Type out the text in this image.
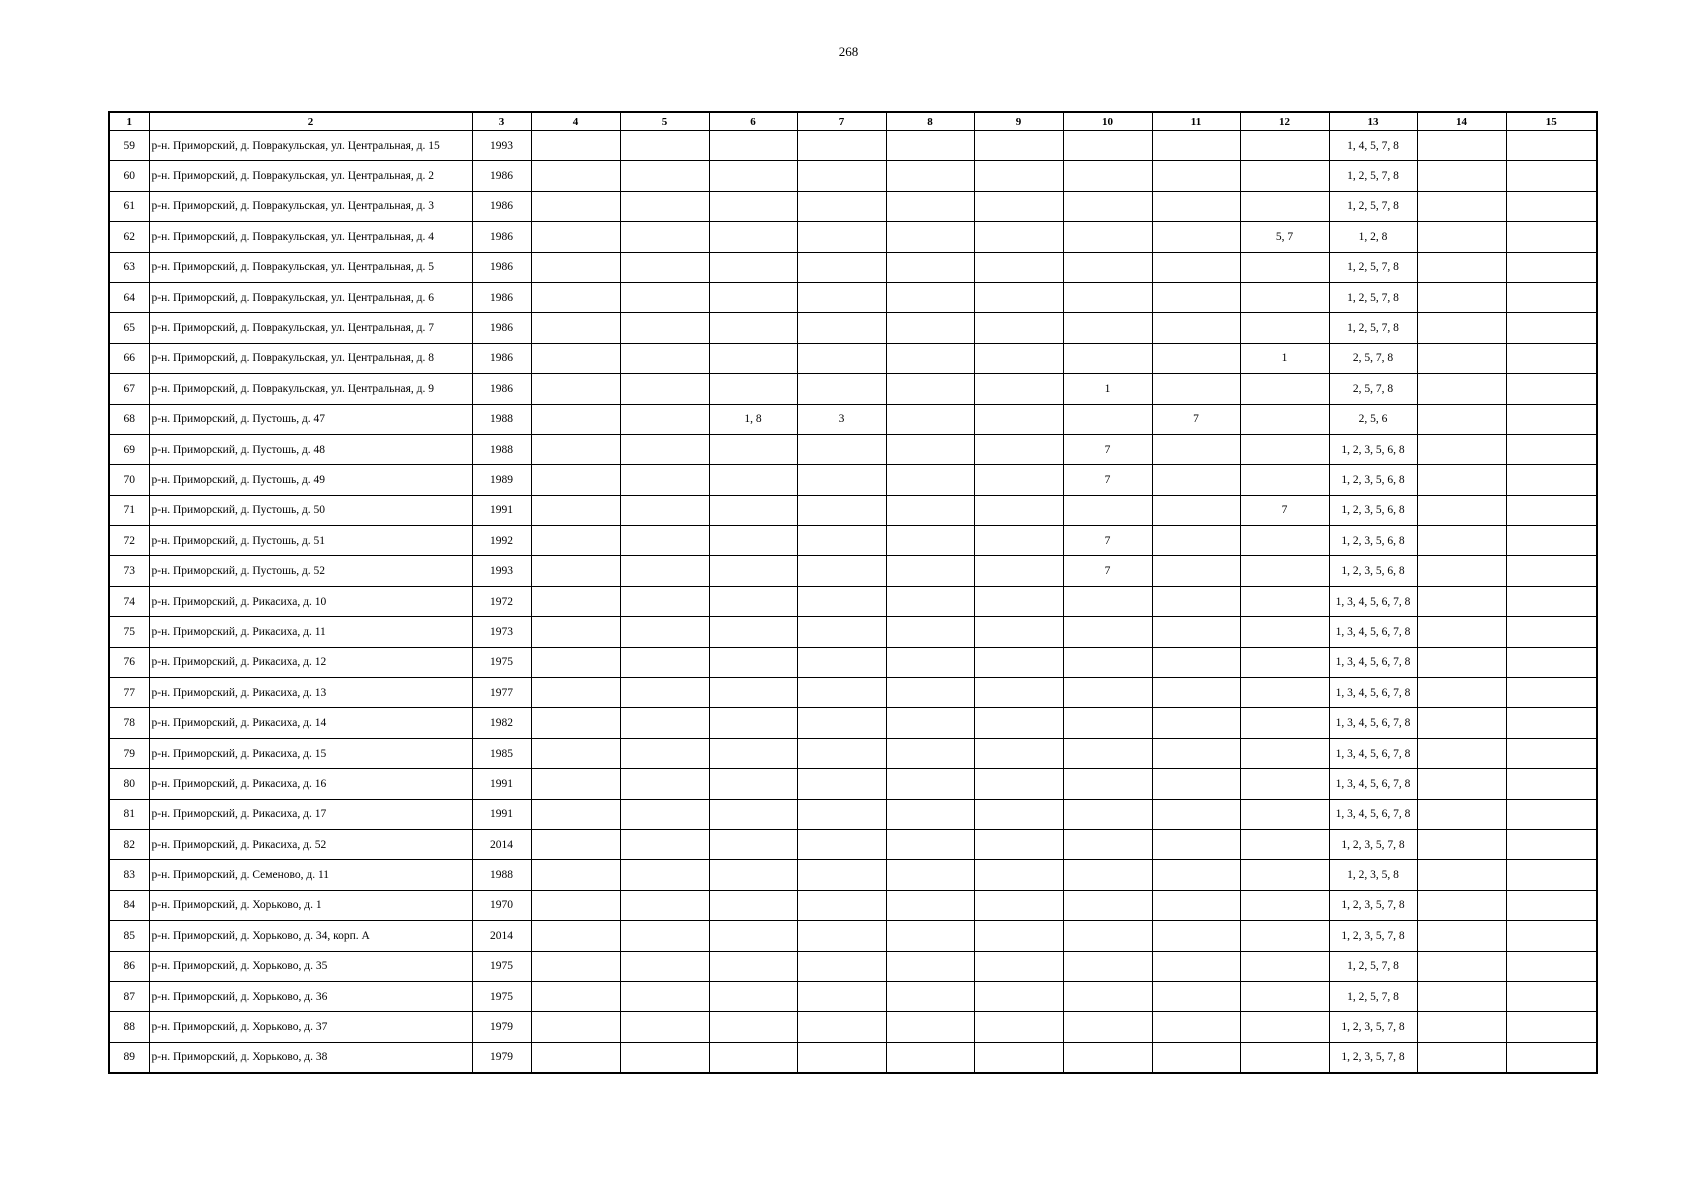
268
1	2	3	4	5	6	7	8	9	10	11	12	13	14	15
59	р-н. Приморский, д. Повракульская, ул. Центральная, д. 15	1993										1, 4, 5, 7, 8		
60	р-н. Приморский, д. Повракульская, ул. Центральная, д. 2	1986										1, 2, 5, 7, 8		
61	р-н. Приморский, д. Повракульская, ул. Центральная, д. 3	1986										1, 2, 5, 7, 8		
62	р-н. Приморский, д. Повракульская, ул. Центральная, д. 4	1986									5, 7	1, 2, 8		
63	р-н. Приморский, д. Повракульская, ул. Центральная, д. 5	1986										1, 2, 5, 7, 8		
64	р-н. Приморский, д. Повракульская, ул. Центральная, д. 6	1986										1, 2, 5, 7, 8		
65	р-н. Приморский, д. Повракульская, ул. Центральная, д. 7	1986										1, 2, 5, 7, 8		
66	р-н. Приморский, д. Повракульская, ул. Центральная, д. 8	1986									1	2, 5, 7, 8		
67	р-н. Приморский, д. Повракульская, ул. Центральная, д. 9	1986							1			2, 5, 7, 8		
68	р-н. Приморский, д. Пустошь, д. 47	1988			1, 8	3				7		2, 5, 6		
69	р-н. Приморский, д. Пустошь, д. 48	1988							7			1, 2, 3, 5, 6, 8		
70	р-н. Приморский, д. Пустошь, д. 49	1989							7			1, 2, 3, 5, 6, 8		
71	р-н. Приморский, д. Пустошь, д. 50	1991									7	1, 2, 3, 5, 6, 8		
72	р-н. Приморский, д. Пустошь, д. 51	1992							7			1, 2, 3, 5, 6, 8		
73	р-н. Приморский, д. Пустошь, д. 52	1993							7			1, 2, 3, 5, 6, 8		
74	р-н. Приморский, д. Рикасиха, д. 10	1972										1, 3, 4, 5, 6, 7, 8		
75	р-н. Приморский, д. Рикасиха, д. 11	1973										1, 3, 4, 5, 6, 7, 8		
76	р-н. Приморский, д. Рикасиха, д. 12	1975										1, 3, 4, 5, 6, 7, 8		
77	р-н. Приморский, д. Рикасиха, д. 13	1977										1, 3, 4, 5, 6, 7, 8		
78	р-н. Приморский, д. Рикасиха, д. 14	1982										1, 3, 4, 5, 6, 7, 8		
79	р-н. Приморский, д. Рикасиха, д. 15	1985										1, 3, 4, 5, 6, 7, 8		
80	р-н. Приморский, д. Рикасиха, д. 16	1991										1, 3, 4, 5, 6, 7, 8		
81	р-н. Приморский, д. Рикасиха, д. 17	1991										1, 3, 4, 5, 6, 7, 8		
82	р-н. Приморский, д. Рикасиха, д. 52	2014										1, 2, 3, 5, 7, 8		
83	р-н. Приморский, д. Семеново, д. 11	1988										1, 2, 3, 5, 8		
84	р-н. Приморский, д. Хорьково, д. 1	1970										1, 2, 3, 5, 7, 8		
85	р-н. Приморский, д. Хорьково, д. 34, корп. А	2014										1, 2, 3, 5, 7, 8		
86	р-н. Приморский, д. Хорьково, д. 35	1975										1, 2, 5, 7, 8		
87	р-н. Приморский, д. Хорьково, д. 36	1975										1, 2, 5, 7, 8		
88	р-н. Приморский, д. Хорьково, д. 37	1979										1, 2, 3, 5, 7, 8		
89	р-н. Приморский, д. Хорьково, д. 38	1979										1, 2, 3, 5, 7, 8		
